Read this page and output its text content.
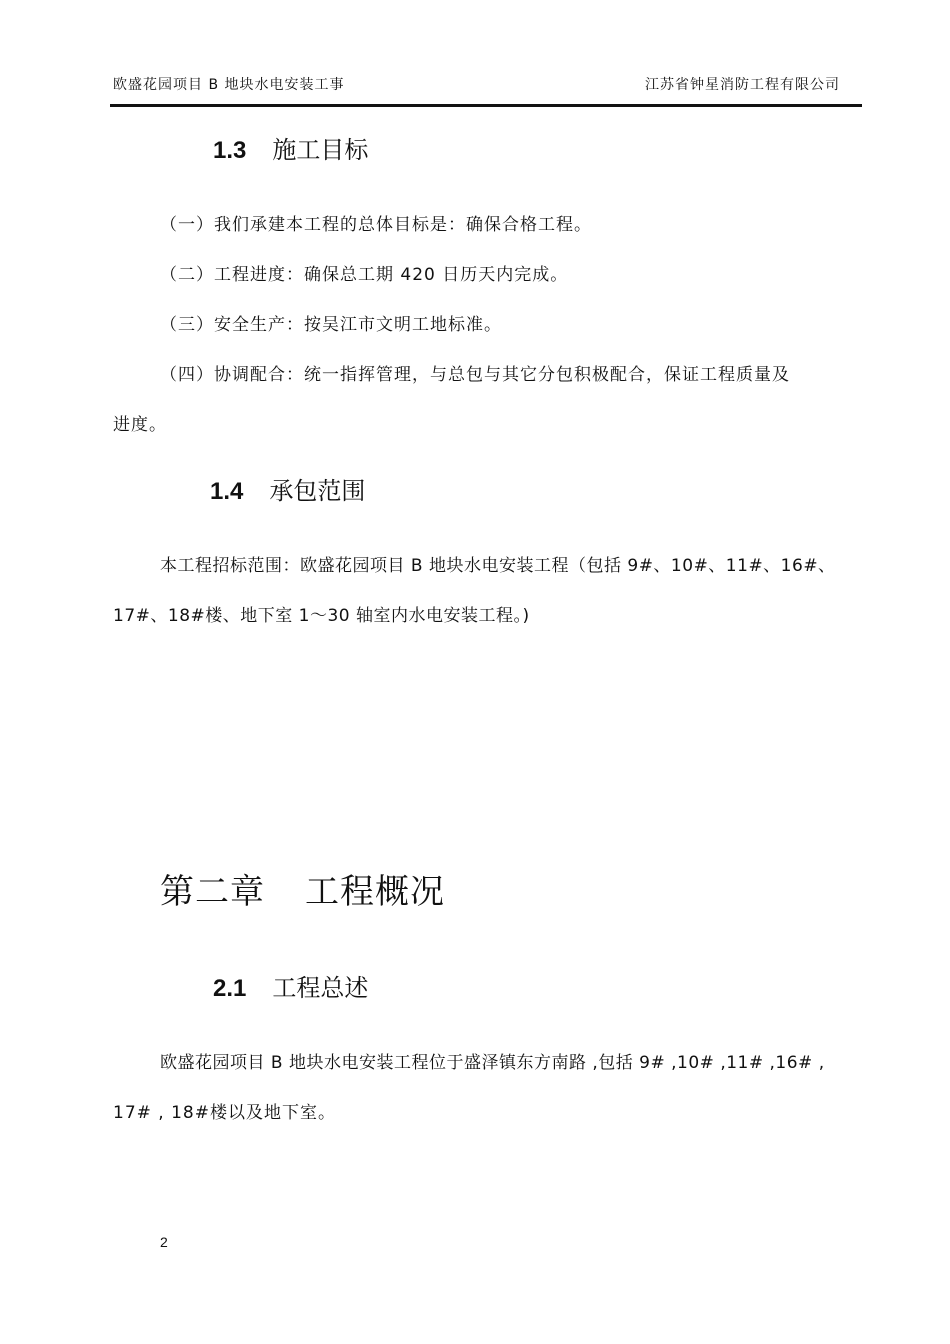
欧盛花园项目 B 地块水电安装工事	江苏省钟星消防工程有限公司
1.3 施工目标
（一）我们承建本工程的总体目标是：确保合格工程。
（二）工程进度：确保总工期 420 日历天内完成。
（三）安全生产：按吴江市文明工地标准。
（四）协调配合：统一指挥管理，与总包与其它分包积极配合，保证工程质量及
进度。
1.4 承包范围
本工程招标范围：欧盛花园项目 B 地块水电安装工程（包括 9#、10#、11#、16#、
17#、18#楼、地下室 1～30 轴室内水电安装工程。)
第二章 工程概况
2.1 工程总述
欧盛花园项目 B 地块水电安装工程位于盛泽镇东方南路 ,包括 9# ,10# ,11# ,16# ,
17# , 18#楼以及地下室。
2
